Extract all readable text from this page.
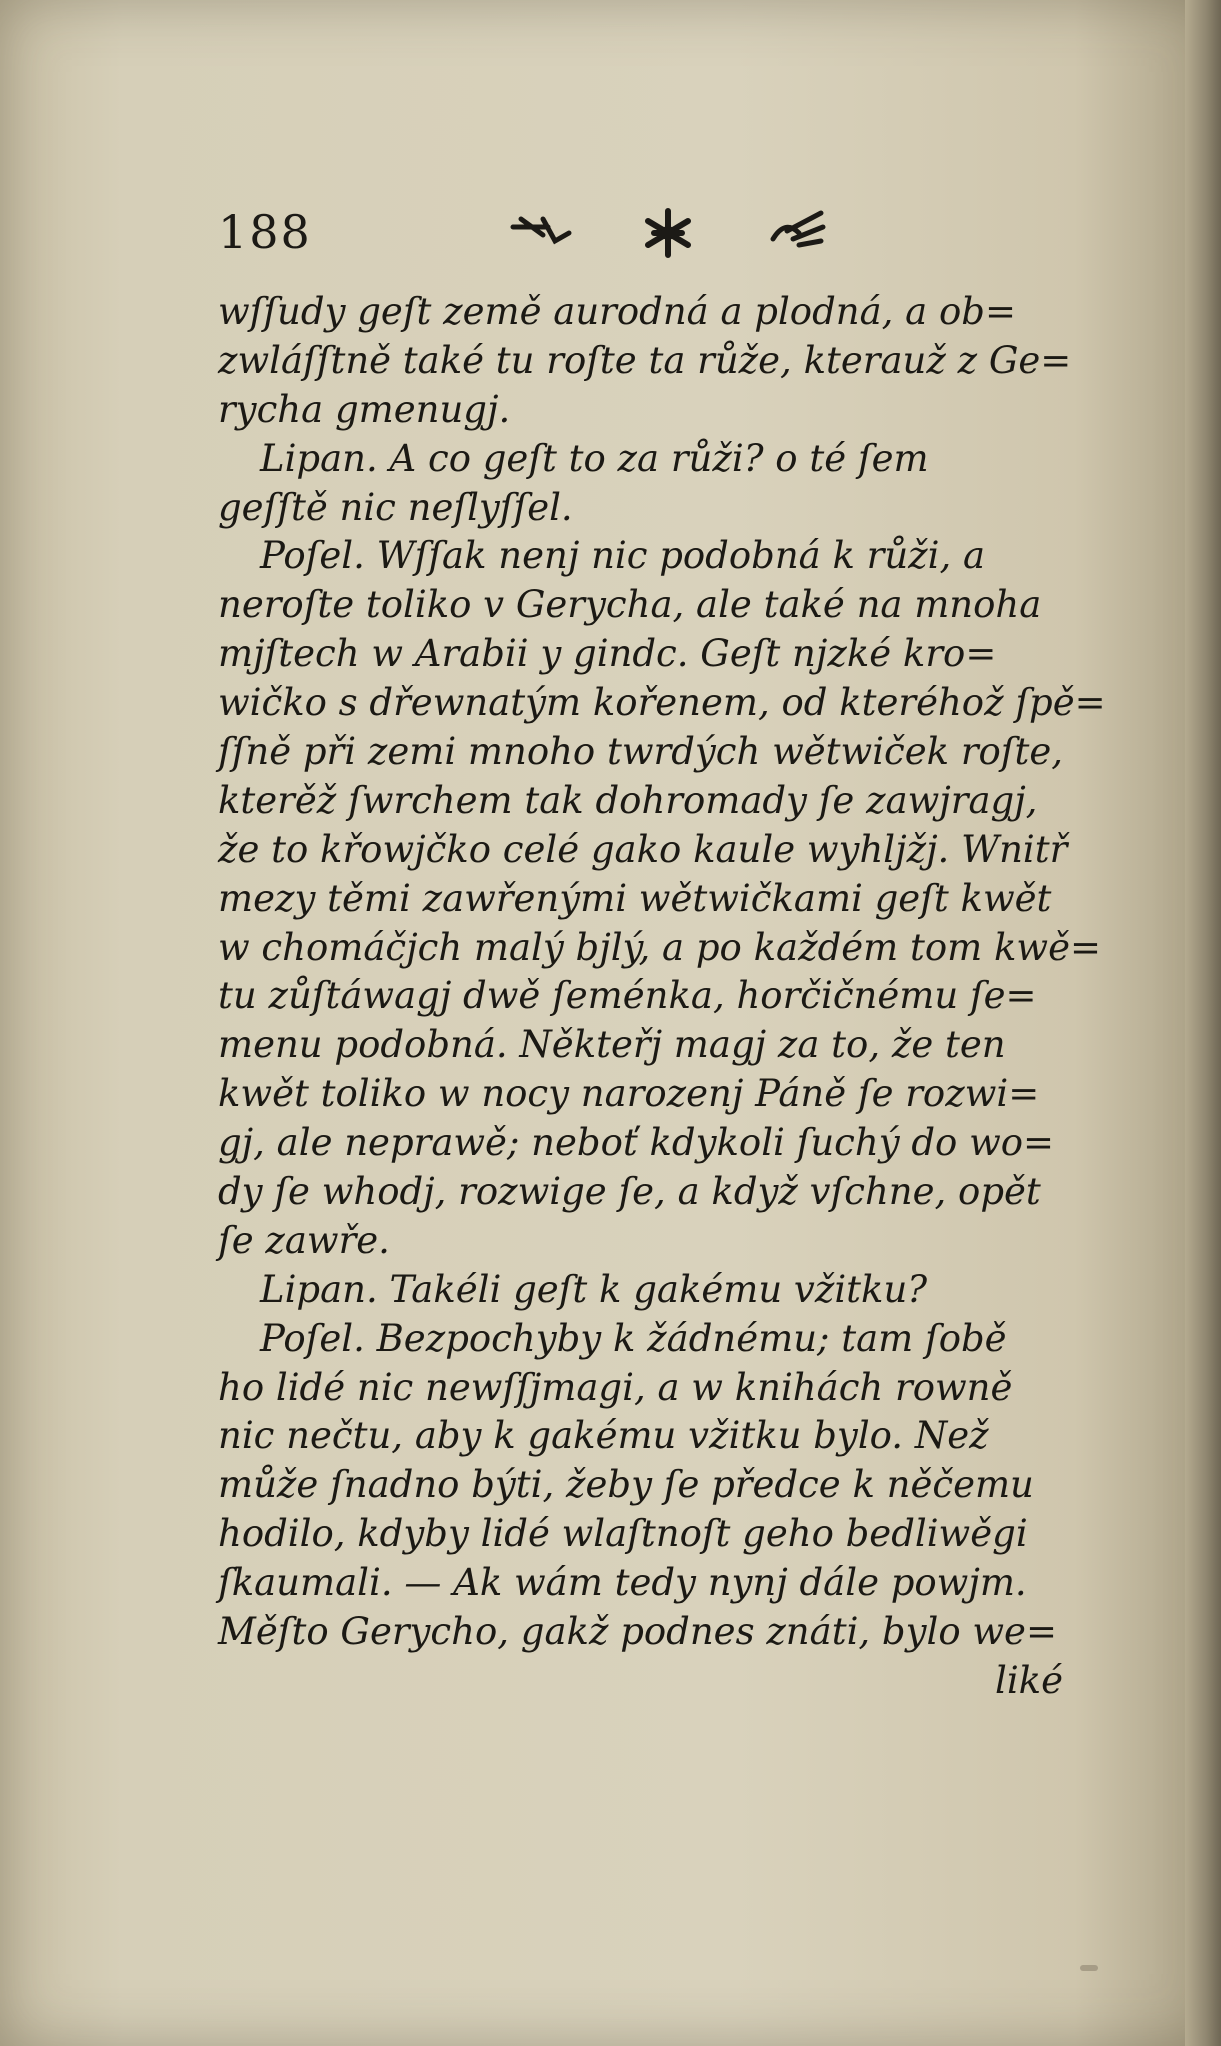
188
wſſudy geſt země aurodná a plodná, a ob=
zwláſſtně také tu roſte ta růže, kterauž z Ge=
rycha gmenugj.
Lipan. A co geſt to za růži? o té ſem
geſſtě nic neſlyſſel.
Poſel. Wſſak nenj nic podobná k růži, a
neroſte toliko v Gerycha, ale také na mnoha
mjſtech w Arabii y gindc. Geſt njzké kro=
wičko s dřewnatým kořenem, od kteréhož ſpě=
ſſně při zemi mnoho twrdých wětwiček roſte,
kterěž ſwrchem tak dohromady ſe zawjragj,
že to křowjčko celé gako kaule wyhljžj. Wnitř
mezy těmi zawřenými wětwičkami geſt kwět
w chomáčjch malý bjlý, a po každém tom kwě=
tu zůſtáwagj dwě ſeménka, horčičnému ſe=
menu podobná. Někteřj magj za to, že ten
kwět toliko w nocy narozenj Páně ſe rozwi=
gj, ale neprawě; neboť kdykoli ſuchý do wo=
dy ſe whodj, rozwige ſe, a když vſchne, opět
ſe zawře.
Lipan. Takéli geſt k gakému vžitku?
Poſel. Bezpochyby k žádnému; tam ſobě
ho lidé nic newſſjmagi, a w knihách rowně
nic nečtu, aby k gakému vžitku bylo. Než
může ſnadno býti, žeby ſe předce k něčemu
hodilo, kdyby lidé wlaſtnoſt geho bedliwěgi
ſkaumali. — Ak wám tedy nynj dále powjm.
Měſto Gerycho, gakž podnes znáti, bylo we=
liké
